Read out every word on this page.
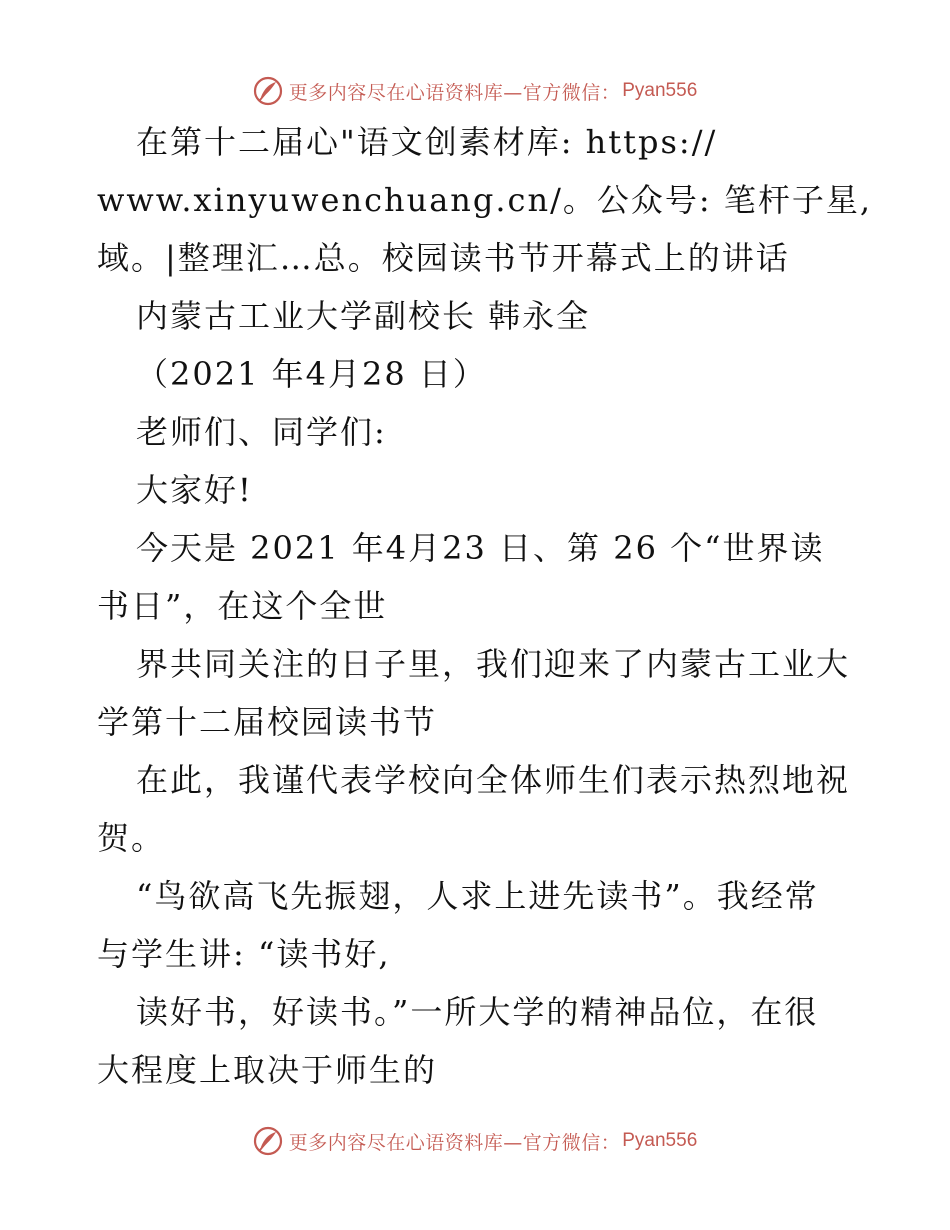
更多内容尽在心语资料库—官方微信： Pyan556
在第十二届心"语文创素材库: https://
www.xinyuwenchuang.cn/。公众号: 笔杆子星,
域。|整理汇…总。校园读书节开幕式上的讲话
内蒙古工业大学副校长 韩永全
（2021 年4月28 日）
老师们、同学们:
大家好!
今天是 2021 年4月23 日、第 26 个“世界读
书日”，在这个全世
界共同关注的日子里，我们迎来了内蒙古工业大
学第十二届校园读书节
在此，我谨代表学校向全体师生们表示热烈地祝
贺。
“鸟欲高飞先振翅，人求上进先读书”。我经常
与学生讲: “读书好,
读好书，好读书。”一所大学的精神品位，在很
大程度上取决于师生的
更多内容尽在心语资料库—官方微信： Pyan556
